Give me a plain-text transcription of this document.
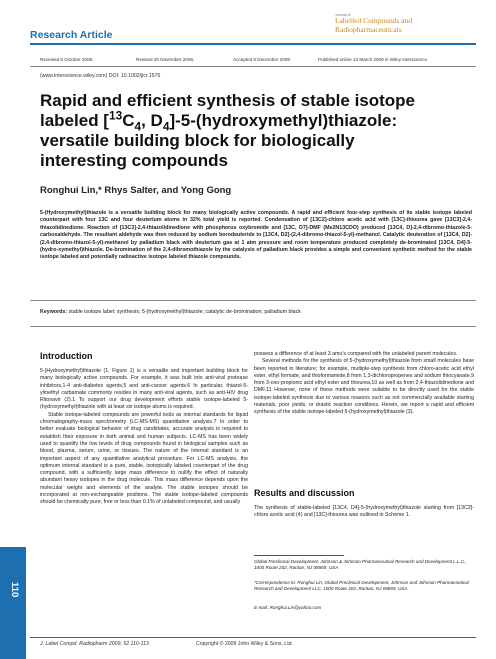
Research Article
Journal of
Labelled Compounds and
Radiopharmaceuticals
Received 5 October 2008,	Revised 20 November 2008,	Accepted 8 December 2008	Published online 13 March 2009 in Wiley Interscience
(www.interscience.wiley.com) DOI: 10.1002/jlcr.1576
Rapid and efficient synthesis of stable isotope
labeled [$^{13}C_4$, $D_4]-5-(hydroxymethyl)thiazole$:
versatile building block for biologically
interesting compounds
Ronghui Lin,* Rhys Salter, and Yong Gong
5-(Hydroxymethyl)thiazole is a versatile building block for many biologically active compounds. A rapid and efficient four-step synthesis of its stable isotope labeled counterpart with four 13C and four deuterium atoms in 32% total yield is reported. Condensation of [13C2]-chloro acetic acid with [13C]-thiourea gave [13C3]-2,4-thiazolidinedione. Reaction of [13C3]-2,4-thiazolidinedione with phosphorus oxybromide and [13C, D7]-DMF (Me2N13CDO) produced [13C4, D]-2,4-dibromo-thiazole-5-carboxaldehyde. The resultant aldehyde was then reduced by sodium borodeuteride to [13C4, D2]-(2,4-dibromo-thiazol-5-yl)-methanol. Catalytic deuteration of [13C4, D2]-(2,4-dibromo-thiazol-5-yl)-methanol by palladium black with deuterium gas at 1 atm pressure and room temperature produced completely de-brominated [13C4, D4]-5-(hydro-xymethyl)thiazole. De-bromination of the 2,4-dibromothiazole by the catalysis of palladium black provides a simple and convenient synthetic method for the stable isotope labeled and potentially radioactive isotope labeled thiazole compounds.
Keywords: stable isotope label; synthesis; 5-(hydroxymethyl)thiazole; catalytic de-bromination; palladium black
Introduction

5-(Hydroxymethyl)thiazole (1, Figure 1) is a versatile and important building block for many biologically active compounds. For example, it was built into anti-viral protease inhibitors,1-4 anti-diabetes agents,5 and anti-cancer agents.6 In particular, thiazol-5-ylmethyl carbamate commonly resides in many anti-viral agents, such as anti-HIV drug Ritonavir (2).1 To support our drug development efforts stable isotope-labeled 5-(hydroxymethyl)thiazole with at least six isotope atoms is required.

Stable isotope-labeled compounds are powerful tools as internal standards for liquid chromatography-mass spectrometry (LC-MS-MS) quantitative analysis.7 In order to better evaluate biological behavior of drug candidates, accurate analysis is required to establish their exposure in both animal and human subjects. LC-MS has been widely used to quantify the low levels of drug compounds found in biological samples such as blood, plasma, serum, urine, or tissues. The nature of the internal standard is an important aspect of any quantitative analytical procedure. For LC-MS analysis, the optimum internal standard is a pure, stable, isotopically labeled counterpart of the drug compound, with a sufficiently large mass difference to nullify the effect of naturally abundant heavy isotopes in the drug molecule. This mass difference depends upon the molecular weight and elements of the analyte. The stable isotopes should be incorporated at non-exchangeable positions. The stable isotope-labeled compounds should be chemically pure, free or less than 0.1% of unlabeled compound, and usually

possess a difference of at least 3 amu's compared with the unlabeled parent molecules.

Several methods for the synthesis of 5-(hydroxymethyl)thiazole from small molecules have been reported in literature; for example, multiple-step synthesis from chloro-acetic acid ethyl ester, ethyl formate, and thioformamide,8 from 1,3-dichloropropenes and sodium thiocyanate,9 from 3-oxo-propionic acid ethyl ester and thiourea,10 as well as from 2,4-thiazolidinedione and DMF.11 However, none of these methods were suitable to be directly used for the stable isotope-labeled synthesis due to various reasons such as not commercially available starting materials, poor yields, or drastic reaction conditions. Herein, we report a rapid and efficient synthesis of the stable isotope-labeled 5-(hydroxymethyl)thiazole (3).

Results and discussion

The synthesis of stable-labeled [13C4, D4]-5-(hydroxymethyl)thiazole starting from [13C2]-chloro acetic acid (4) and [13C]-thiourea was outlined in Scheme 1.

Global Preclinical Development, Johnson & Johnson Pharmaceutical Research and Development L.L.C., 1000 Route 202, Raritan, NJ 08869, USA
*Correspondence to: Ronghui Lin, Global Preclinical Development, Johnson and Johnson Pharmaceutical Research and Development LLC, 1000 Route 202, Raritan, NJ 08869, USA.
E-mail: Ronghui.Lin@yahoo.com
110
J. Label Compd. Radiopharm 2009, 52 110-113	Copyright © 2009 John Wiley & Sons, Ltd.
